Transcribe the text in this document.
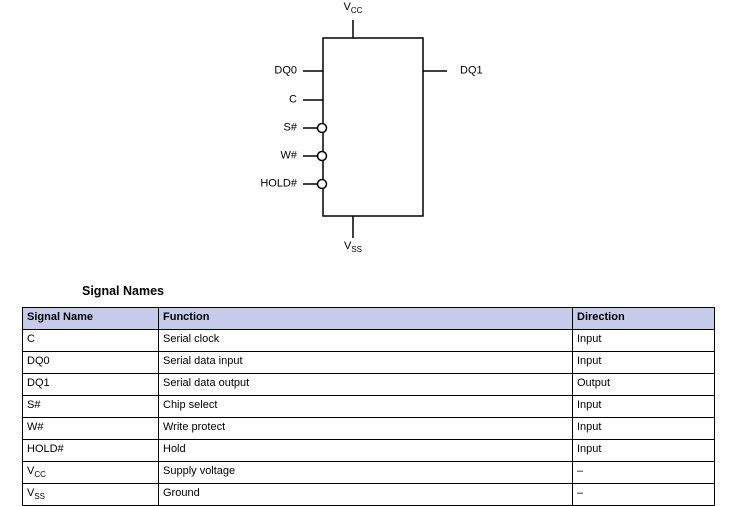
$V_{CC}$
$V_{SS}$
DQ0
C
S#
W#
HOLD#
DQ1
Signal Names
Signal Name	Function	Direction
C	Serial clock	Input
DQ0	Serial data input	Input
DQ1	Serial data output	Output
S#	Chip select	Input
W#	Write protect	Input
HOLD#	Hold	Input
$V_{CC}$	Supply voltage	–
$V_{SS}$	Ground	–
